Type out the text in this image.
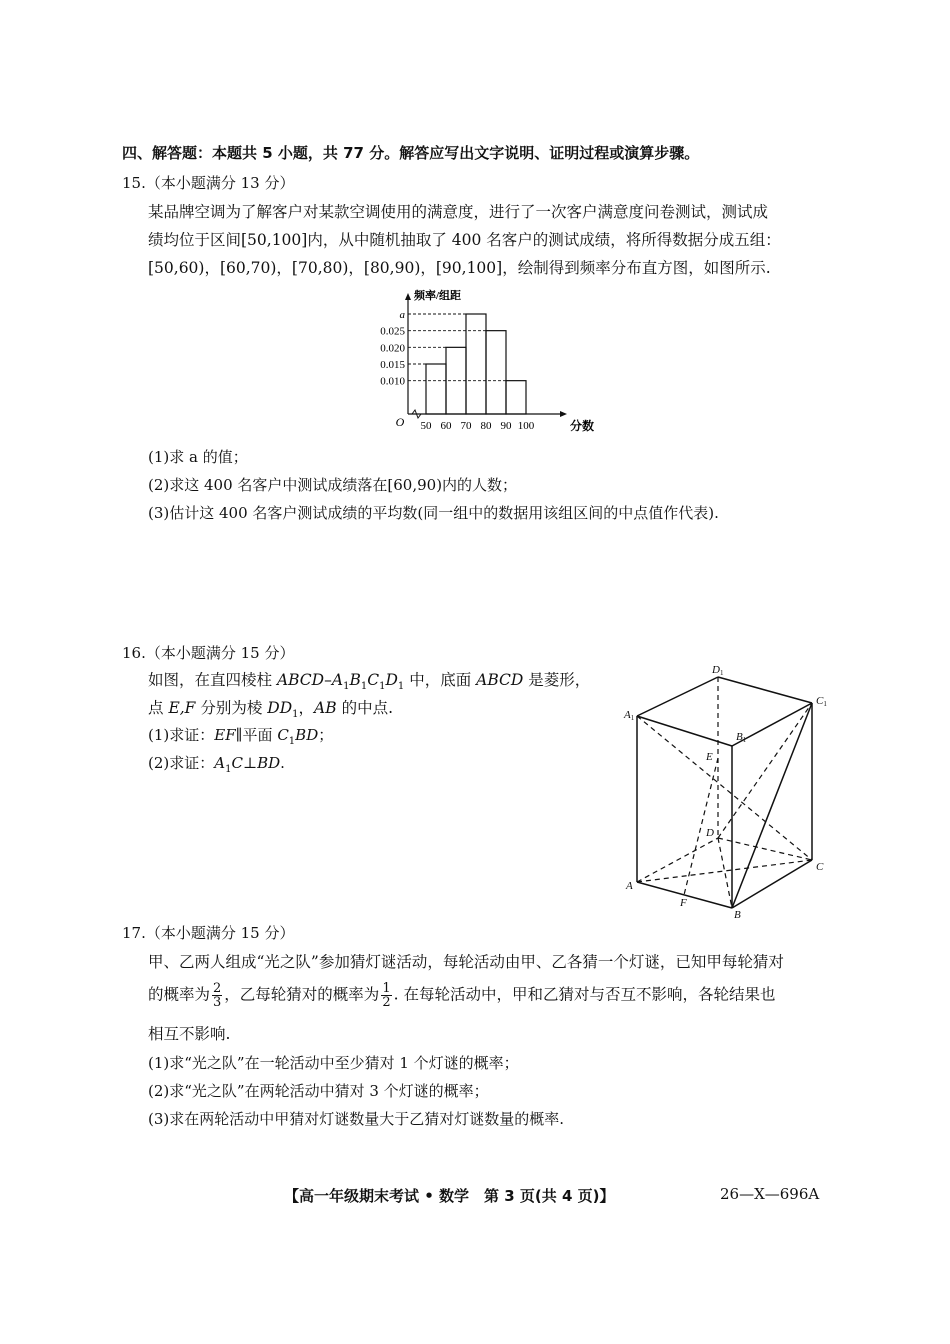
四、解答题：本题共 5 小题，共 77 分。解答应写出文字说明、证明过程或演算步骤。
15.（本小题满分 13 分）
某品牌空调为了解客户对某款空调使用的满意度，进行了一次客户满意度问卷测试，测试成
绩均位于区间[50,100]内，从中随机抽取了 400 名客户的测试成绩，将所得数据分成五组：
[50,60)，[60,70)，[70,80)，[80,90)，[90,100]，绘制得到频率分布直方图，如图所示.
a
0.025
0.020
0.015
0.010
50 60 70 80 90 100
O
频率/组距
分数
(1)求 a 的值；
(2)求这 400 名客户中测试成绩落在[60,90)内的人数；
(3)估计这 400 名客户测试成绩的平均数(同一组中的数据用该组区间的中点值作代表).
16.（本小题满分 15 分）
如图，在直四棱柱 ABCD–$A_1B_1C_1D_1$ 中，底面 ABCD 是菱形，
点 E,F 分别为棱 $DD_1$，AB 的中点.
(1)求证：EF∥平面 $C_1BD$；
(2)求证：$A_1C\perp BD$.
D1
C1
A1
B1
E
D
C
A
F
B
17.（本小题满分 15 分）
甲、乙两人组成“光之队”参加猜灯谜活动，每轮活动由甲、乙各猜一个灯谜，已知甲每轮猜对
的概率为 $\frac{2}{3}$ ，乙每轮猜对的概率为 $\frac{1}{2}$ . 在每轮活动中，甲和乙猜对与否互不影响，各轮结果也
相互不影响.
(1)求“光之队”在一轮活动中至少猜对 1 个灯谜的概率；
(2)求“光之队”在两轮活动中猜对 3 个灯谜的概率；
(3)求在两轮活动中甲猜对灯谜数量大于乙猜对灯谜数量的概率.
【高一年级期末考试 • 数学　第 3 页(共 4 页)】	26—X—696A
